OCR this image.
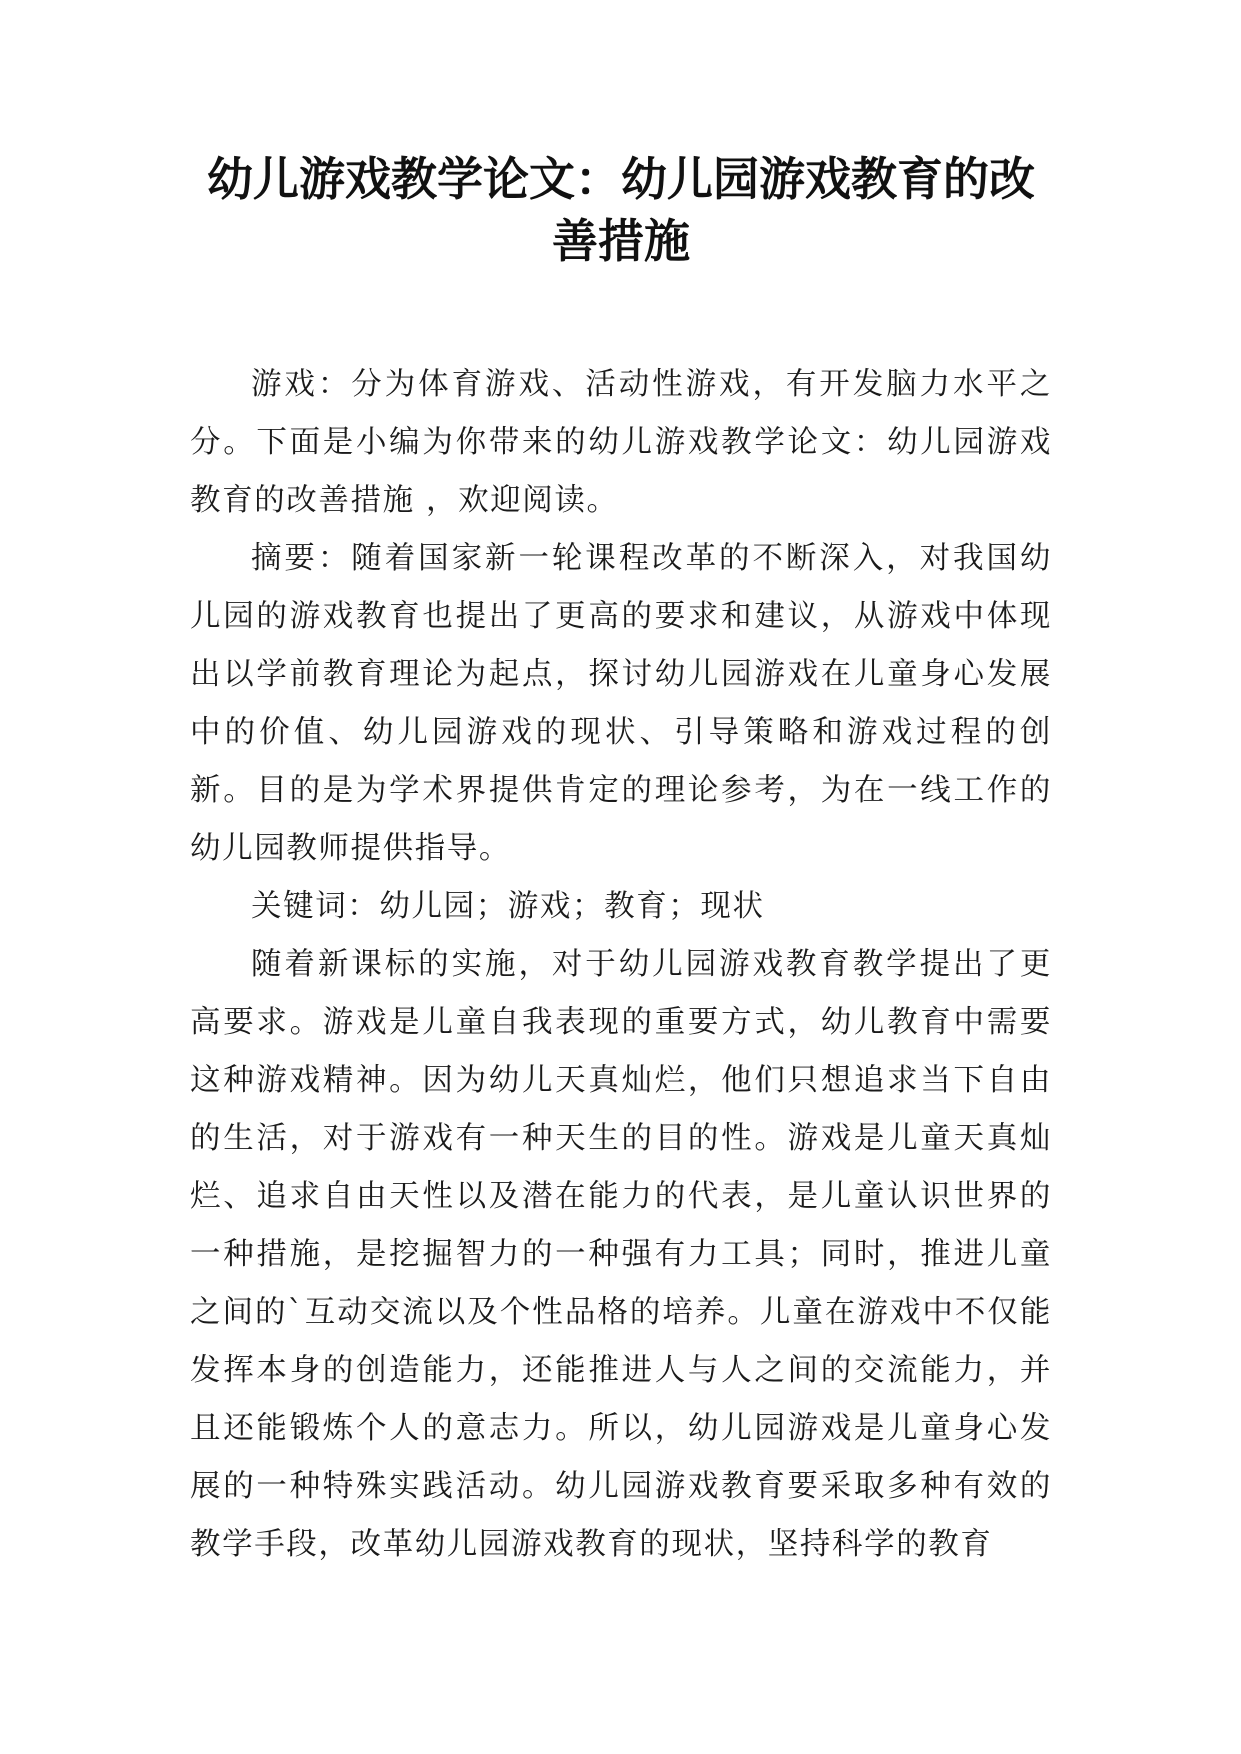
幼儿游戏教学论文：幼儿园游戏教育的改善措施

游戏：分为体育游戏、活动性游戏，有开发脑力水平之分。下面是小编为你带来的幼儿游戏教学论文：幼儿园游戏教育的改善措施 ，欢迎阅读。

摘要：随着国家新一轮课程改革的不断深入，对我国幼儿园的游戏教育也提出了更高的要求和建议，从游戏中体现出以学前教育理论为起点，探讨幼儿园游戏在儿童身心发展中的价值、幼儿园游戏的现状、引导策略和游戏过程的创新。目的是为学术界提供肯定的理论参考，为在一线工作的幼儿园教师提供指导。

关键词：幼儿园；游戏；教育；现状

随着新课标的实施，对于幼儿园游戏教育教学提出了更高要求。游戏是儿童自我表现的重要方式，幼儿教育中需要这种游戏精神。因为幼儿天真灿烂，他们只想追求当下自由的生活，对于游戏有一种天生的目的性。游戏是儿童天真灿烂、追求自由天性以及潜在能力的代表，是儿童认识世界的一种措施，是挖掘智力的一种强有力工具；同时，推进儿童之间的`互动交流以及个性品格的培养。儿童在游戏中不仅能发挥本身的创造能力，还能推进人与人之间的交流能力，并且还能锻炼个人的意志力。所以，幼儿园游戏是儿童身心发展的一种特殊实践活动。幼儿园游戏教育要采取多种有效的教学手段，改革幼儿园游戏教育的现状，坚持科学的教育
